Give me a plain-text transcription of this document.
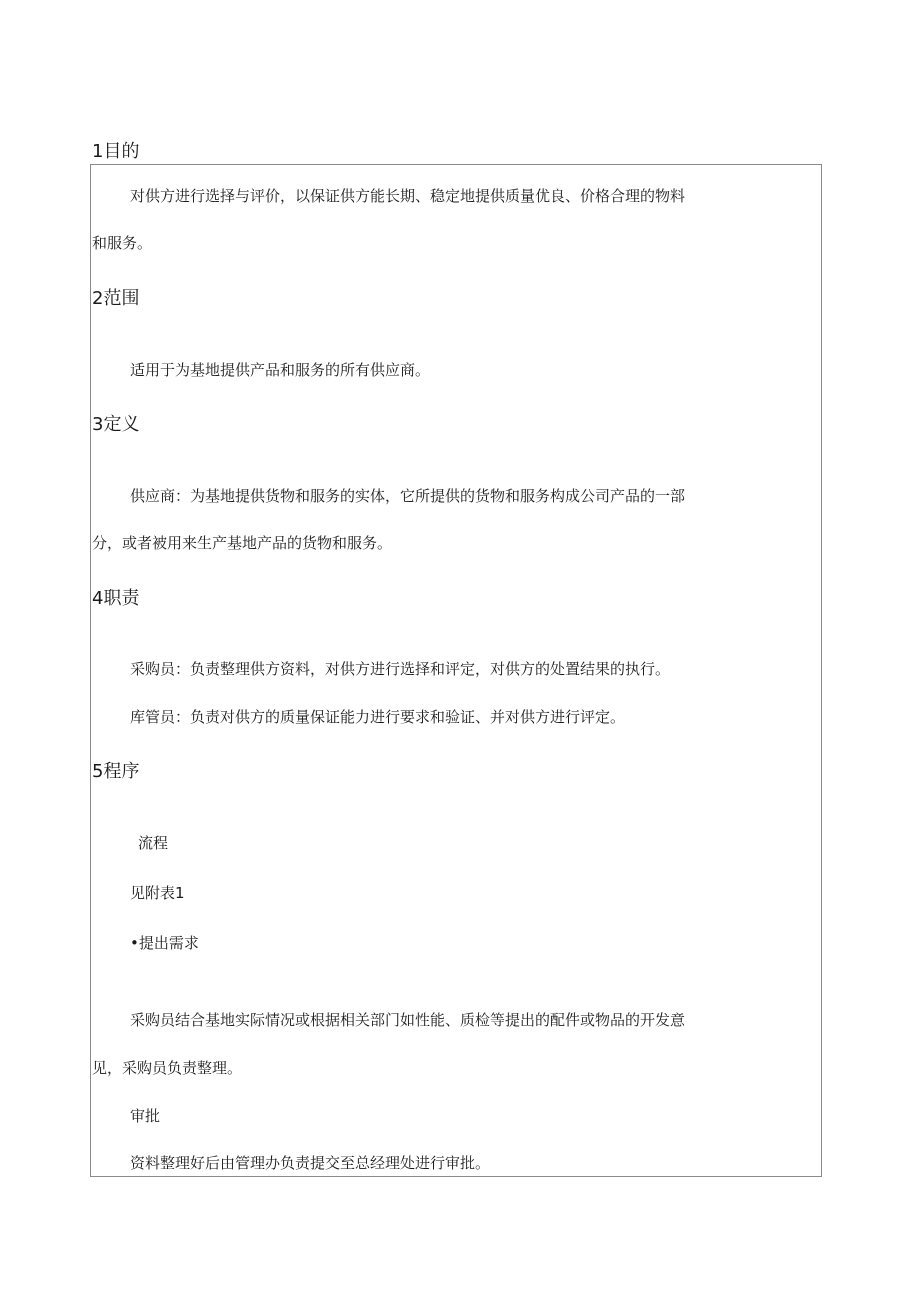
1目的
对供方进行选择与评价，以保证供方能长期、稳定地提供质量优良、价格合理的物料
和服务。
2范围
适用于为基地提供产品和服务的所有供应商。
3定义
供应商：为基地提供货物和服务的实体，它所提供的货物和服务构成公司产品的一部
分，或者被用来生产基地产品的货物和服务。
4职责
采购员：负责整理供方资料，对供方进行选择和评定，对供方的处置结果的执行。
库管员：负责对供方的质量保证能力进行要求和验证、并对供方进行评定。
5程序
流程
见附表1
•提出需求
采购员结合基地实际情况或根据相关部门如性能、质检等提出的配件或物品的开发意
见，采购员负责整理。
审批
资料整理好后由管理办负责提交至总经理处进行审批。
